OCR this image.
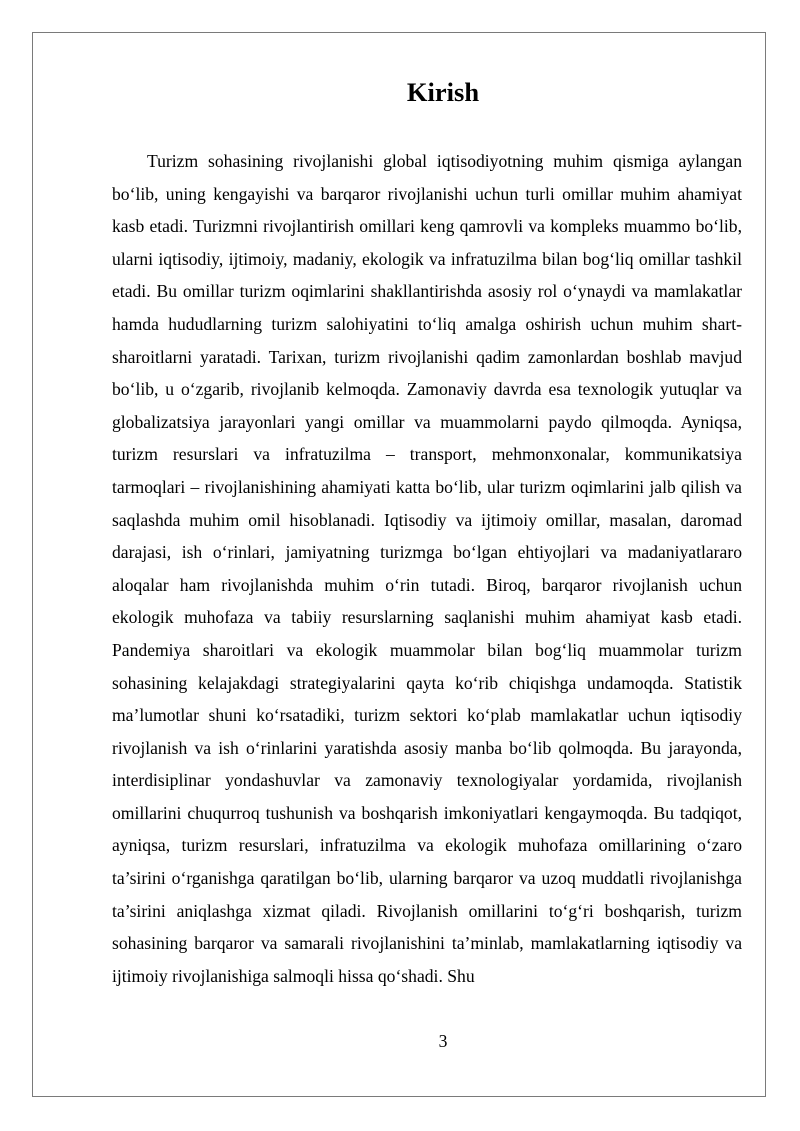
Kirish

Turizm sohasining rivojlanishi global iqtisodiyotning muhim qismiga aylangan bo‘lib, uning kengayishi va barqaror rivojlanishi uchun turli omillar muhim ahamiyat kasb etadi. Turizmni rivojlantirish omillari keng qamrovli va kompleks muammo bo‘lib, ularni iqtisodiy, ijtimoiy, madaniy, ekologik va infratuzilma bilan bog‘liq omillar tashkil etadi. Bu omillar turizm oqimlarini shakllantirishda asosiy rol o‘ynaydi va mamlakatlar hamda hududlarning turizm salohiyatini to‘liq amalga oshirish uchun muhim shart-sharoitlarni yaratadi. Tarixan, turizm rivojlanishi qadim zamonlardan boshlab mavjud bo‘lib, u o‘zgarib, rivojlanib kelmoqda. Zamonaviy davrda esa texnologik yutuqlar va globalizatsiya jarayonlari yangi omillar va muammolarni paydo qilmoqda. Ayniqsa, turizm resurslari va infratuzilma – transport, mehmonxonalar, kommunikatsiya tarmoqlari – rivojlanishining ahamiyati katta bo‘lib, ular turizm oqimlarini jalb qilish va saqlashda muhim omil hisoblanadi. Iqtisodiy va ijtimoiy omillar, masalan, daromad darajasi, ish o‘rinlari, jamiyatning turizmga bo‘lgan ehtiyojlari va madaniyatlararo aloqalar ham rivojlanishda muhim o‘rin tutadi. Biroq, barqaror rivojlanish uchun ekologik muhofaza va tabiiy resurslarning saqlanishi muhim ahamiyat kasb etadi. Pandemiya sharoitlari va ekologik muammolar bilan bog‘liq muammolar turizm sohasining kelajakdagi strategiyalarini qayta ko‘rib chiqishga undamoqda. Statistik ma’lumotlar shuni ko‘rsatadiki, turizm sektori ko‘plab mamlakatlar uchun iqtisodiy rivojlanish va ish o‘rinlarini yaratishda asosiy manba bo‘lib qolmoqda. Bu jarayonda, interdisiplinar yondashuvlar va zamonaviy texnologiyalar yordamida, rivojlanish omillarini chuqurroq tushunish va boshqarish imkoniyatlari kengaymoqda. Bu tadqiqot, ayniqsa, turizm resurslari, infratuzilma va ekologik muhofaza omillarining o‘zaro ta’sirini o‘rganishga qaratilgan bo‘lib, ularning barqaror va uzoq muddatli rivojlanishga ta’sirini aniqlashga xizmat qiladi. Rivojlanish omillarini to‘g‘ri boshqarish, turizm sohasining barqaror va samarali rivojlanishini ta’minlab, mamlakatlarning iqtisodiy va ijtimoiy rivojlanishiga salmoqli hissa qo‘shadi. Shu

3
